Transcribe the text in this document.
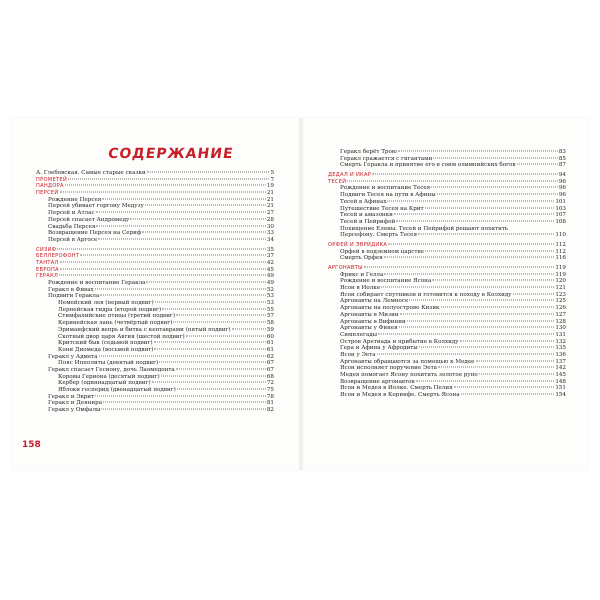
СОДЕРЖАНИЕ
А. Глебовская. Самые старые сказки	5
ПРОМЕТЕЙ	7
ПАНДОРА	19
ПЕРСЕЙ	21
Рождение Персея	21
Персей убивает горгону Медузу	21
Персей и Атлас	27
Персей спасает Андромеду	28
Свадьба Персея	30
Возвращение Персея на Сериф	33
Персей в Аргосе	34
СИЗИФ	35
БЕЛЛЕРОФОНТ	37
ТАНТАЛ	42
ЕВРОПА	45
ГЕРАКЛ	49
Рождение и воспитание Геракла	49
Геракл в Фивах	52
Подвиги Геракла	53
Немейский лев (первый подвиг)	53
Лернейская гидра (второй подвиг)	55
Стимфалийские птицы (третий подвиг)	57
Керинейская лань (четвёртый подвиг)	58
Эриманфский вепрь и битва с кентаврами (пятый подвиг)	59
Скотный двор царя Авгия (шестой подвиг)	60
Критский бык (седьмой подвиг)	61
Кони Диомеда (восьмой подвиг)	61
Геракл у Адмета	62
Пояс Ипполиты (девятый подвиг)	67
Геракл спасает Гесиону, дочь Лаомедонта	67
Коровы Гериона (десятый подвиг)	68
Кербер (одиннадцатый подвиг)	72
Яблоки гесперид (двенадцатый подвиг)	75
Геракл и Эврит	78
Геракл и Деянира	81
Геракл у Омфалы	82
Геракл берёт Трою	83
Геракл сражается с гигантами	85
Смерть Геракла и принятие его в сонм олимпийских богов	87
ДЕДАЛ И ИКАР	94
ТЕСЕЙ	96
Рождение и воспитание Тесея	96
Подвиги Тесея на пути в Афины	96
Тесей в Афинах	101
Путешествие Тесея на Крит	103
Тесей и амазонки	107
Тесей и Пейрифой	108
Похищение Елены. Тесей и Пейрифой решают похитить
Персефону. Смерть Тесея	110
ОРФЕЙ И ЭВРИДИКА	112
Орфей в подземном царстве	112
Смерть Орфея	116
АРГОНАВТЫ	119
Фрикс и Гелла	119
Рождение и воспитание Ясона	120
Ясон в Иолке	121
Ясон собирает спутников и готовится к походу в Колхиду	123
Аргонавты на Лемносе	125
Аргонавты на полуострове Кизик	126
Аргонавты в Мизии	127
Аргонавты в Вифинии	128
Аргонавты у Финея	130
Симплегады	131
Остров Аретиада и прибытие в Колхиду	132
Гера и Афина у Афродиты	135
Ясон у Эета	136
Аргонавты обращаются за помощью к Медее	137
Ясон исполняет поручение Эета	142
Медея помогает Ясону похитить золотое руно	145
Возвращение аргонавтов	148
Ясон и Медея в Иолке. Смерть Пелия	151
Ясон и Медея в Коринфе. Смерть Ясона	154
158
